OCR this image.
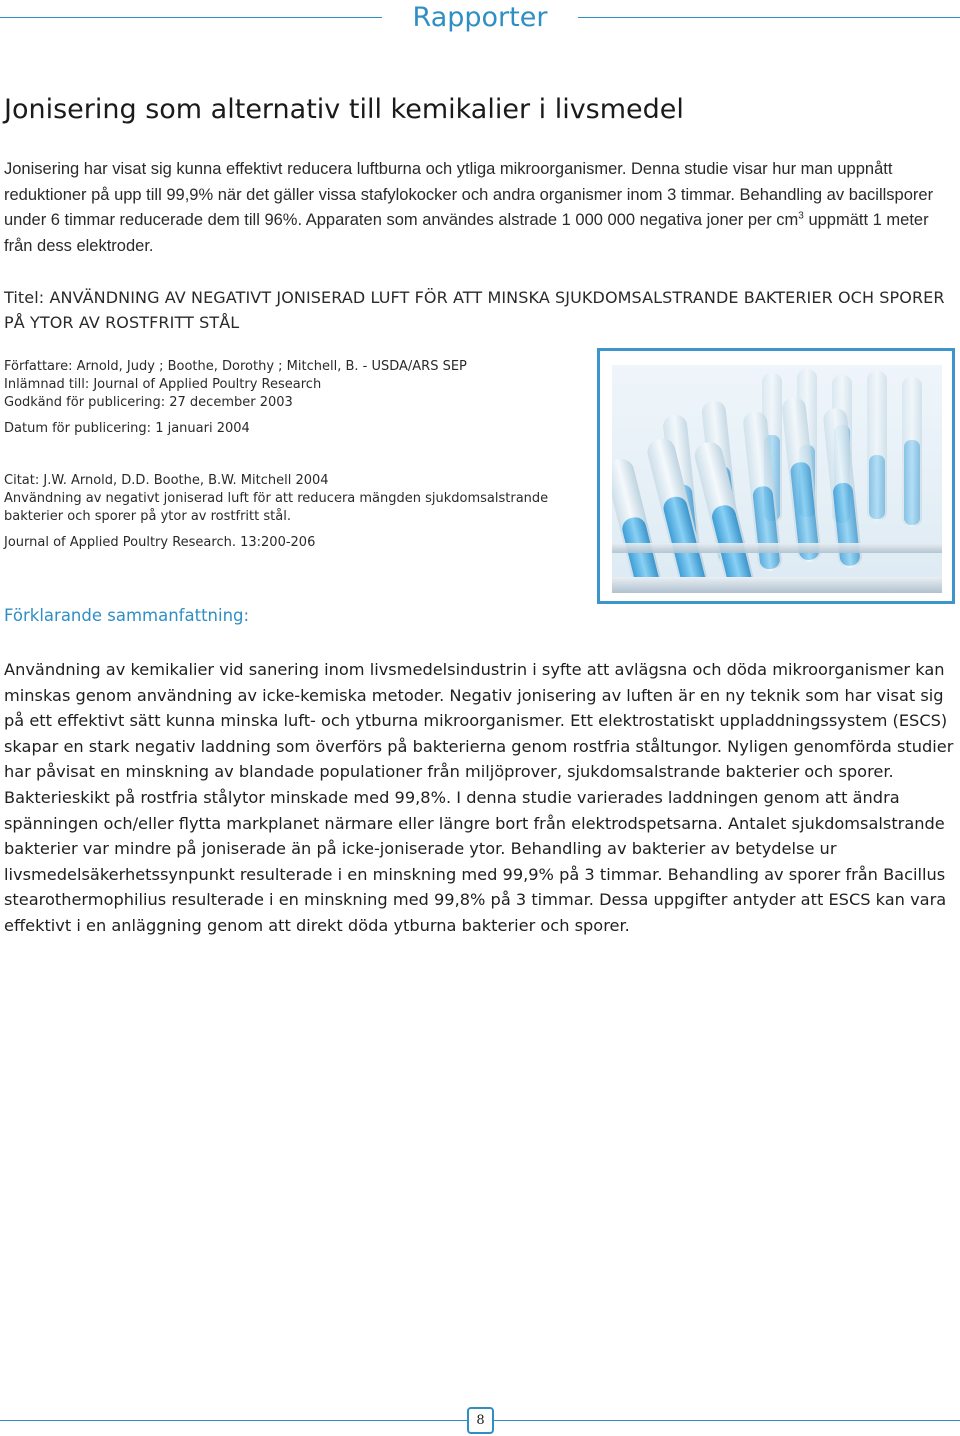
Rapporter
Jonisering som alternativ till kemikalier i livsmedel

Jonisering har visat sig kunna effektivt reducera luftburna och ytliga mikroorganismer. Denna studie visar hur man uppnått reduktioner på upp till 99,9% när det gäller vissa stafylokocker och andra organismer inom 3 timmar. Behandling av bacillsporer under 6 timmar reducerade dem till 96%. Apparaten som användes alstrade 1 000 000 negativa joner per $cm^3$ uppmätt 1 meter från dess elektroder.

Titel: ANVÄNDNING AV NEGATIVT JONISERAD LUFT FÖR ATT MINSKA SJUKDOMSALSTRANDE BAKTERIER OCH SPORER PÅ YTOR AV ROSTFRITT STÅL

Författare: Arnold, Judy ; Boothe, Dorothy ; Mitchell, B. - USDA/ARS SEP

Inlämnad till: Journal of Applied Poultry Research

Godkänd för publicering: 27 december 2003

Datum för publicering: 1 januari 2004

Citat: J.W. Arnold, D.D. Boothe, B.W. Mitchell 2004

Användning av negativt joniserad luft för att reducera mängden sjukdomsalstrande bakterier och sporer på ytor av rostfritt stål.

Journal of Applied Poultry Research. 13:200-206

Förklarande sammanfattning:

Användning av kemikalier vid sanering inom livsmedelsindustrin i syfte att avlägsna och döda mikroorganismer kan minskas genom användning av icke-kemiska metoder. Negativ jonisering av luften är en ny teknik som har visat sig på ett effektivt sätt kunna minska luft- och ytburna mikroorganismer. Ett elektrostatiskt uppladdningssystem (ESCS) skapar en stark negativ laddning som överförs på bakterierna genom rostfria ståltungor. Nyligen genomförda studier har påvisat en minskning av blandade populationer från miljöprover, sjukdomsalstrande bakterier och sporer. Bakterieskikt på rostfria stålytor minskade med 99,8%. I denna studie varierades laddningen genom att ändra spänningen och/eller flytta markplanet närmare eller längre bort från elektrodspetsarna. Antalet sjukdomsalstrande bakterier var mindre på joniserade än på icke-joniserade ytor. Behandling av bakterier av betydelse ur livsmedelsäkerhetssynpunkt resulterade i en minskning med 99,9% på 3 timmar. Behandling av sporer från Bacillus stearothermophilius resulterade i en minskning med 99,8% på 3 timmar. Dessa uppgifter antyder att ESCS kan vara effektivt i en anläggning genom att direkt döda ytburna bakterier och sporer.

8
